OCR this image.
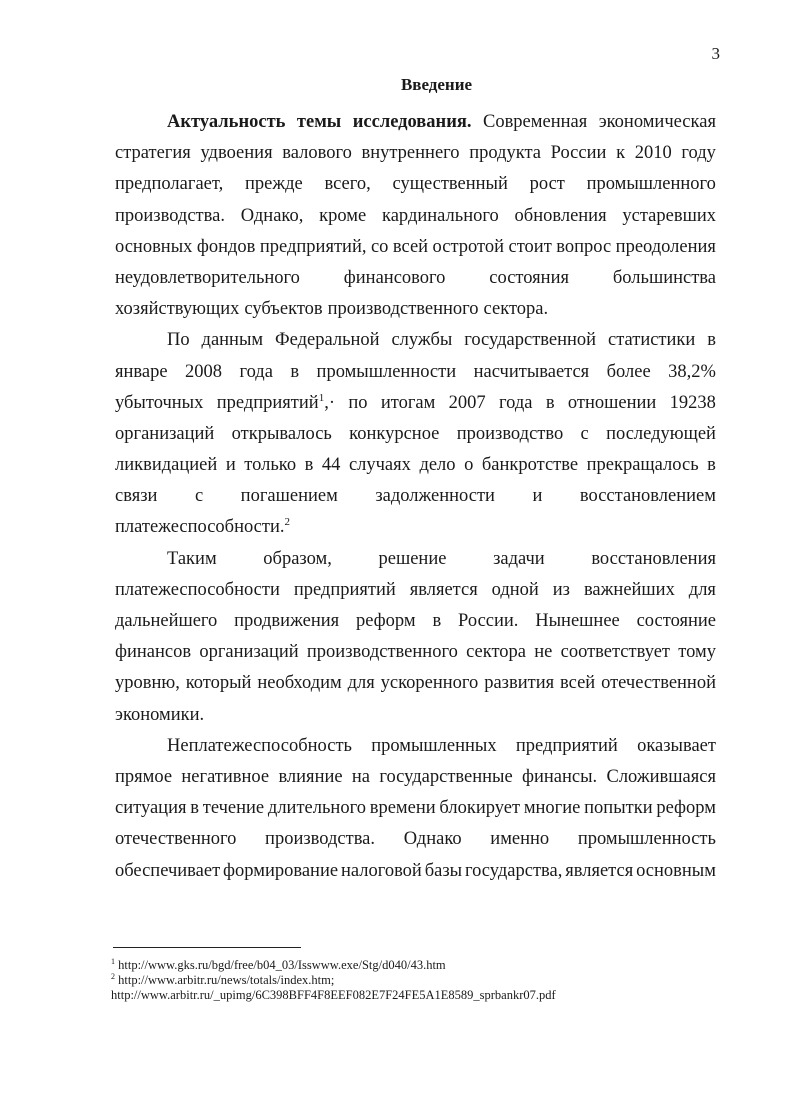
3
Введение
Актуальность темы исследования. Современная экономическая
стратегия удвоения валового внутреннего продукта России к 2010 году
предполагает, прежде всего, существенный рост промышленного
производства. Однако, кроме кардинального обновления устаревших
основных фондов предприятий, со всей остротой стоит вопрос преодоления
неудовлетворительного финансового состояния большинства
хозяйствующих субъектов производственного сектора.
По данным Федеральной службы государственной статистики в
январе 2008 года в промышленности насчитывается более 38,2%
убыточных предприятий$^1$,· по итогам 2007 года в отношении 19238
организаций открывалось конкурсное производство с последующей
ликвидацией и только в 44 случаях дело о банкротстве прекращалось в
связи с погашением задолженности и восстановлением
платежеспособности.$^2$
Таким	образом,	решение	задачи	восстановления
платежеспособности предприятий является одной из важнейших для
дальнейшего продвижения реформ в России. Нынешнее состояние
финансов организаций производственного сектора не соответствует тому
уровню, который необходим для ускоренного развития всей отечественной
экономики.
Неплатежеспособность промышленных предприятий оказывает
прямое негативное влияние на государственные финансы. Сложившаяся
ситуация в течение длительного времени блокирует многие попытки реформ
отечественного производства. Однако именно промышленность
обеспечивает формирование налоговой базы государства, является основным
$^1$ http://www.gks.ru/bgd/free/b04_03/Isswww.exe/Stg/d040/43.htm
$^2$ http://www.arbitr.ru/news/totals/index.htm;
http://www.arbitr.ru/_upimg/6C398BFF4F8EEF082E7F24FE5A1E8589_sprbankr07.pdf
